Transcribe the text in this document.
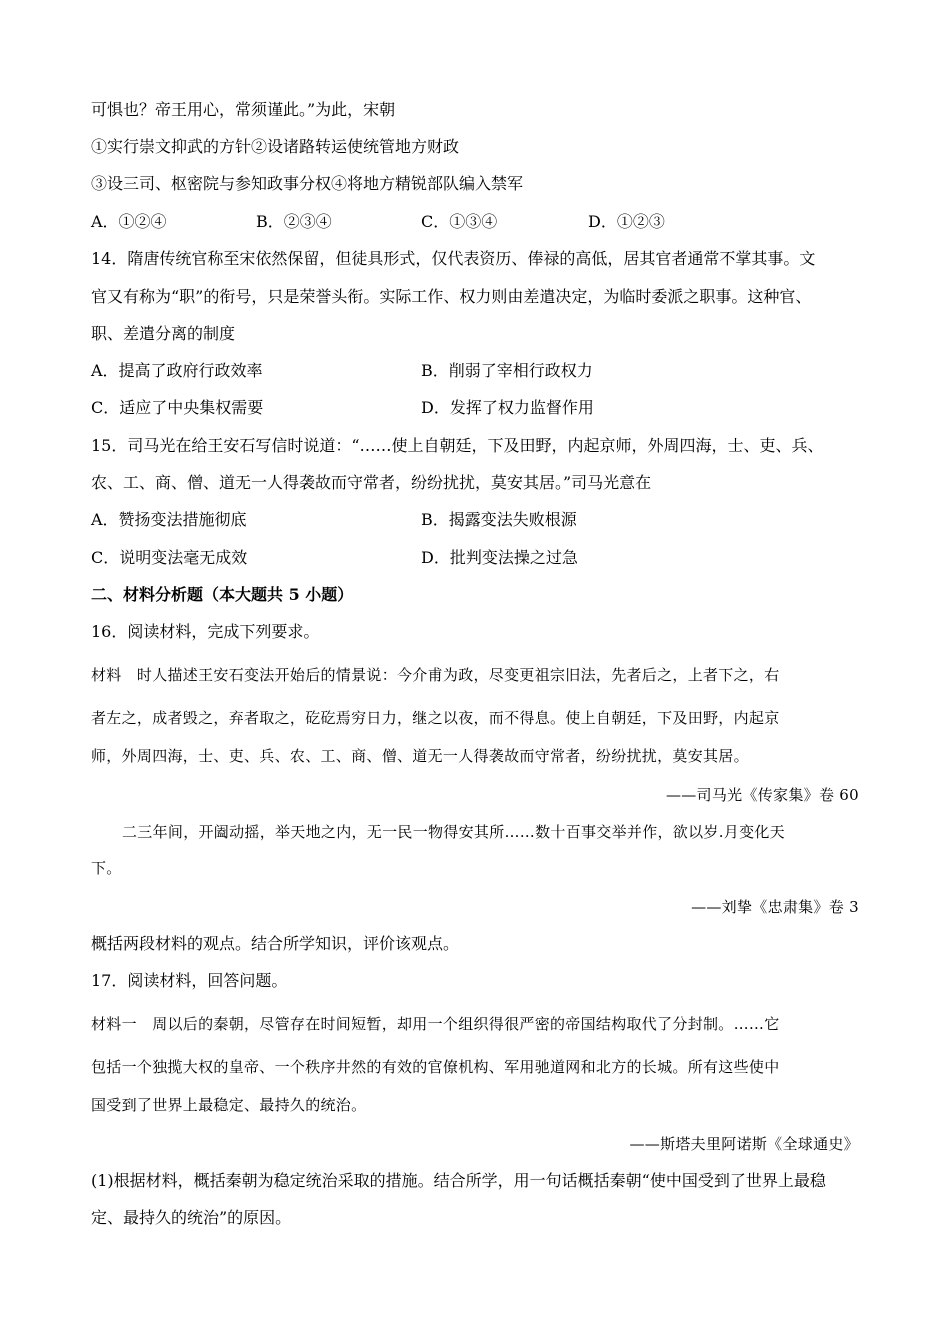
可惧也？帝王用心，常须谨此。”为此，宋朝
①实行崇文抑武的方针②设诸路转运使统管地方财政
③设三司、枢密院与参知政事分权④将地方精锐部队编入禁军
A．①②④	B．②③④	C．①③④	D．①②③
14．隋唐传统官称至宋依然保留，但徒具形式，仅代表资历、俸禄的高低，居其官者通常不掌其事。文
官又有称为“职”的衔号，只是荣誉头衔。实际工作、权力则由差遣决定，为临时委派之职事。这种官、
职、差遣分离的制度
A．提高了政府行政效率	B．削弱了宰相行政权力
C．适应了中央集权需要	D．发挥了权力监督作用
15．司马光在给王安石写信时说道：“……使上自朝廷，下及田野，内起京师，外周四海，士、吏、兵、
农、工、商、僧、道无一人得袭故而守常者，纷纷扰扰，莫安其居。”司马光意在
A．赞扬变法措施彻底	B．揭露变法失败根源
C．说明变法毫无成效	D．批判变法操之过急
二、材料分析题（本大题共 5 小题）
16．阅读材料，完成下列要求。
材料　时人描述王安石变法开始后的情景说：今介甫为政，尽变更祖宗旧法，先者后之，上者下之，右
者左之，成者毁之，弃者取之，矻矻焉穷日力，继之以夜，而不得息。使上自朝廷，下及田野，内起京
师，外周四海，士、吏、兵、农、工、商、僧、道无一人得袭故而守常者，纷纷扰扰，莫安其居。
——司马光《传家集》卷 60
二三年间，开阖动摇，举天地之内，无一民一物得安其所……数十百事交举并作，欲以岁.月变化天
下。
——刘挚《忠肃集》卷 3
概括两段材料的观点。结合所学知识，评价该观点。
17．阅读材料，回答问题。
材料一　周以后的秦朝，尽管存在时间短暂，却用一个组织得很严密的帝国结构取代了分封制。……它
包括一个独揽大权的皇帝、一个秩序井然的有效的官僚机构、军用驰道网和北方的长城。所有这些使中
国受到了世界上最稳定、最持久的统治。
——斯塔夫里阿诺斯《全球通史》
(1)根据材料，概括秦朝为稳定统治采取的措施。结合所学，用一句话概括秦朝“使中国受到了世界上最稳
定、最持久的统治”的原因。
